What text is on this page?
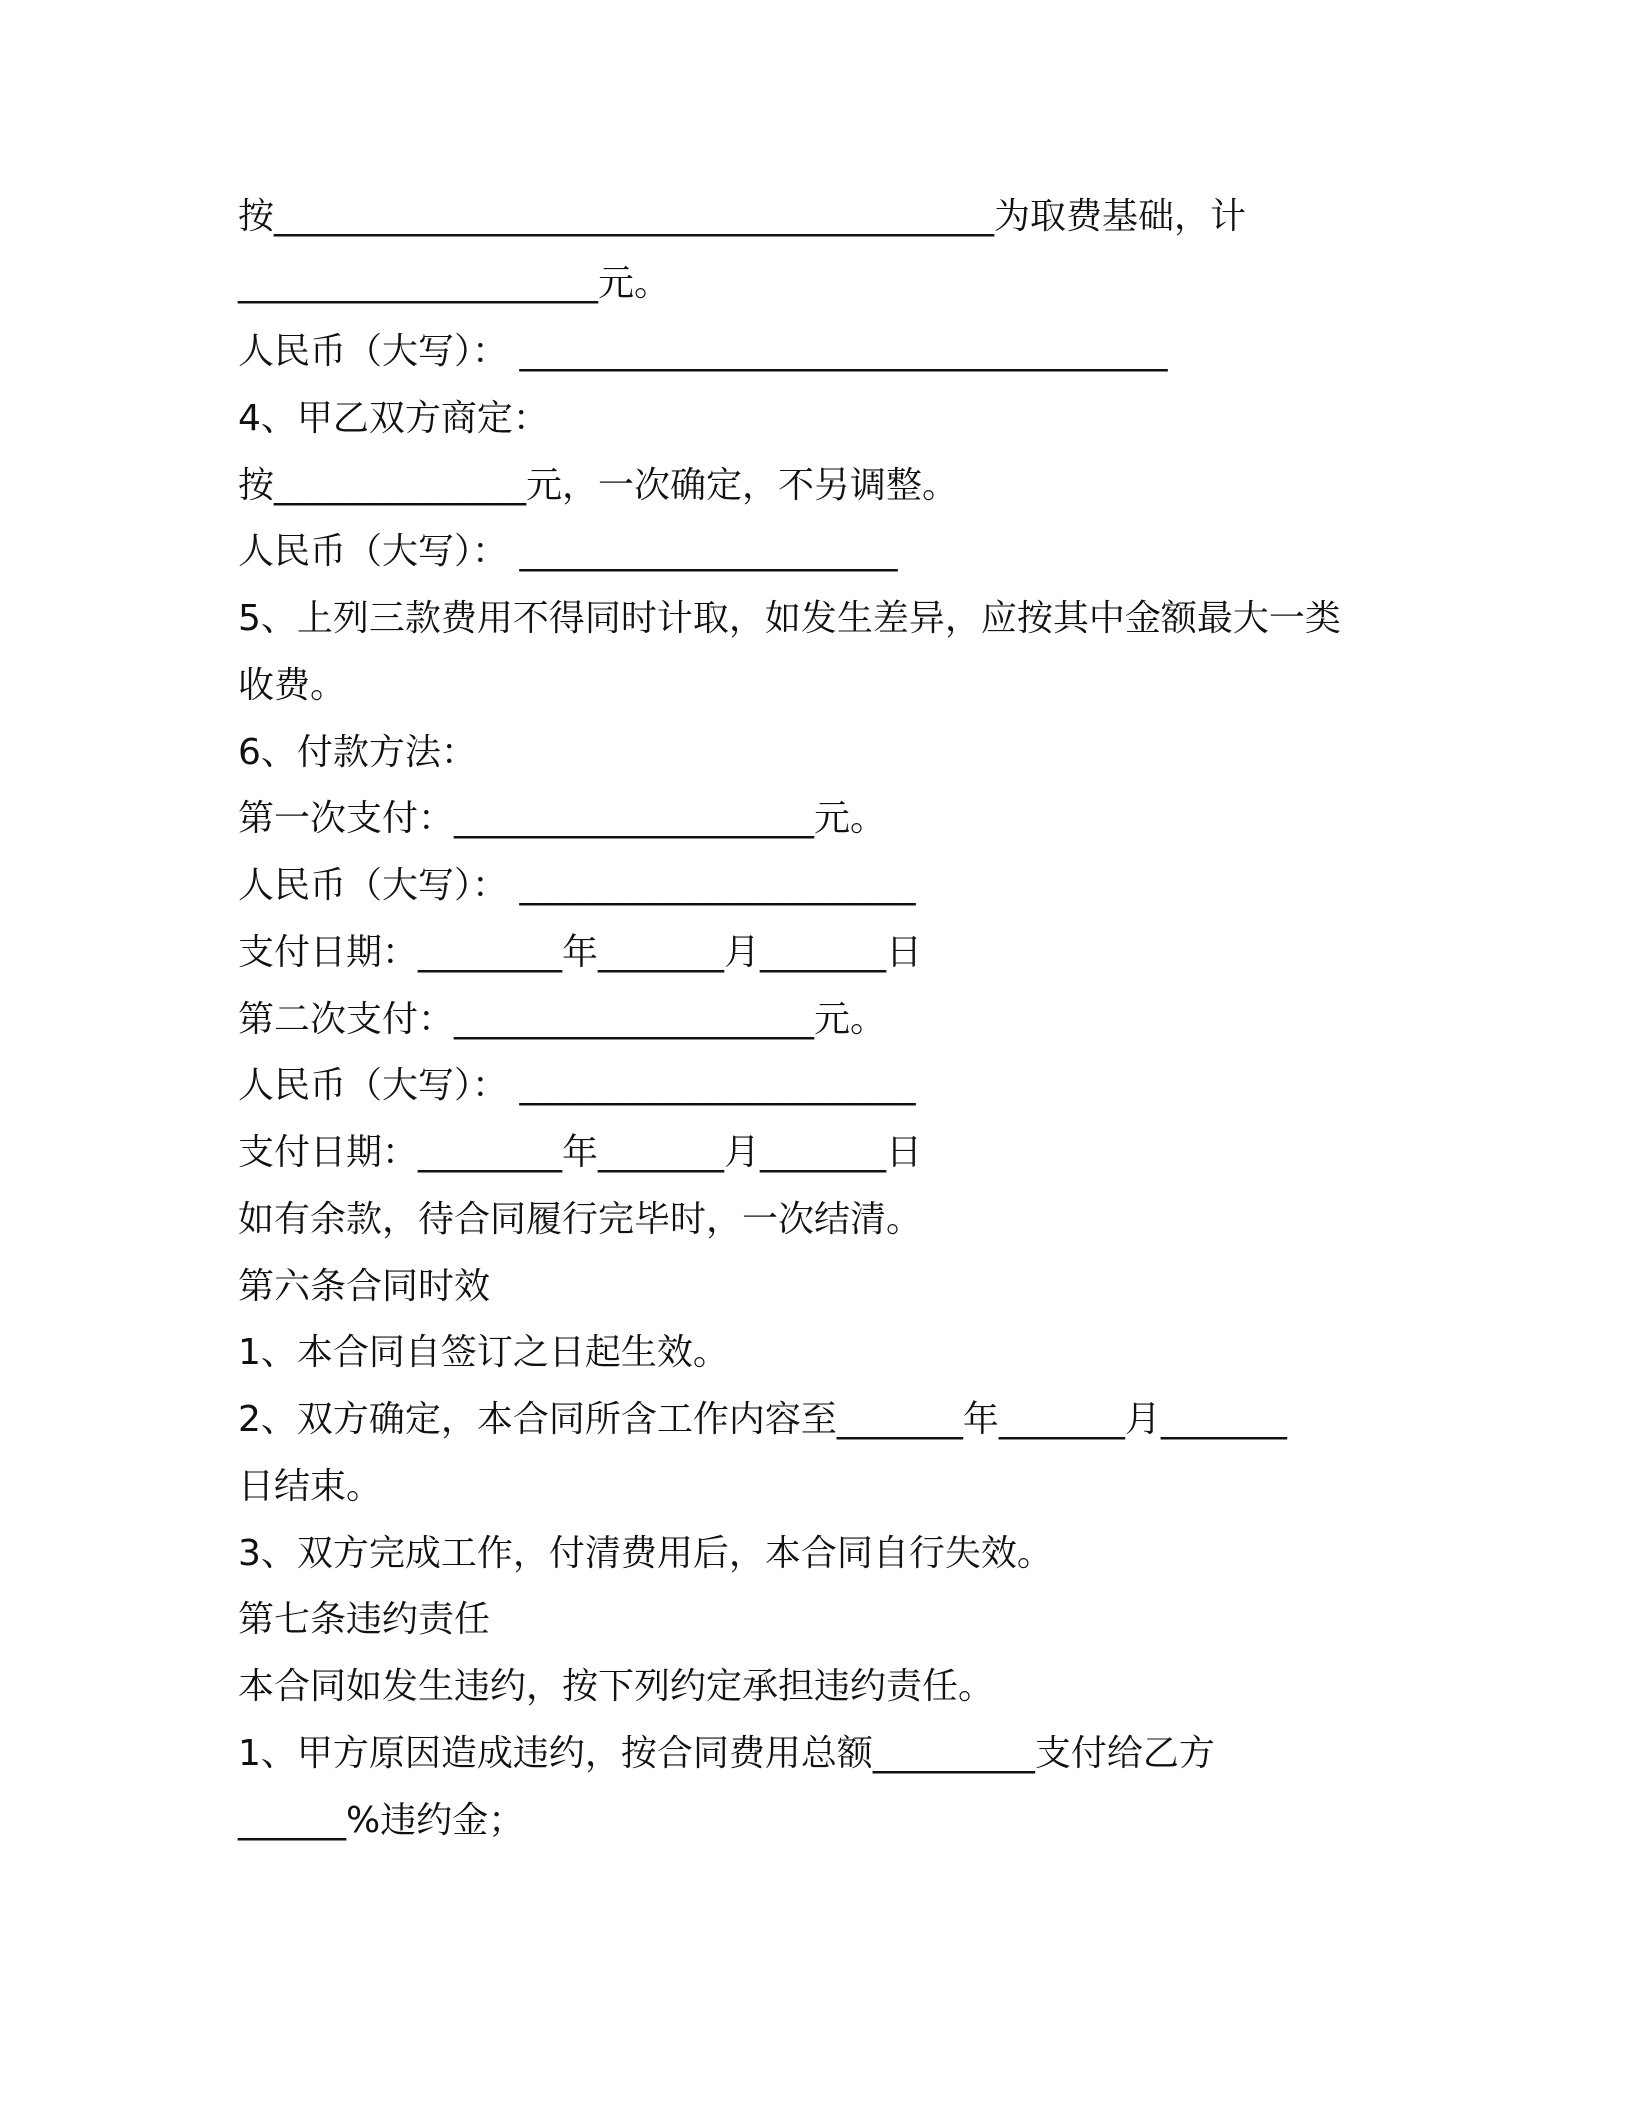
按________________________________________为取费基础，计

____________________元。

人民币（大写）： ____________________________________

4、甲乙双方商定：

按______________元，一次确定，不另调整。

人民币（大写）： _____________________

5、上列三款费用不得同时计取，如发生差异，应按其中金额最大一类

收费。

6、付款方法：

第一次支付：____________________元。

人民币（大写）： ______________________

支付日期：________年_______月_______日

第二次支付：____________________元。

人民币（大写）： ______________________

支付日期：________年_______月_______日

如有余款，待合同履行完毕时，一次结清。

第六条合同时效

1、本合同自签订之日起生效。

2、双方确定，本合同所含工作内容至_______年_______月_______

日结束。

3、双方完成工作，付清费用后，本合同自行失效。

第七条违约责任

本合同如发生违约，按下列约定承担违约责任。

1、甲方原因造成违约，按合同费用总额_________支付给乙方

______%违约金；
